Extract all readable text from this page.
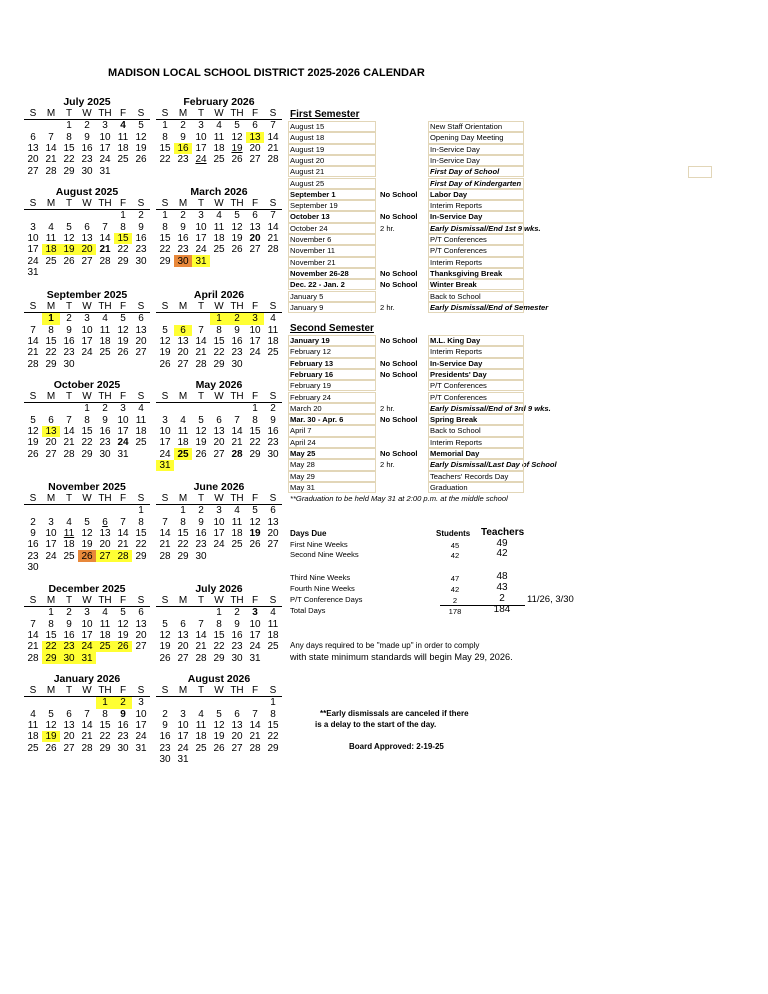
MADISON LOCAL SCHOOL DISTRICT 2025-2026 CALENDAR
July 2025
S	M	T	W	TH	F	S
		1	2	3	4	5
6	7	8	9	10	11	12
13	14	15	16	17	18	19
20	21	22	23	24	25	26
27	28	29	30	31		
February 2026
S	M	T	W	TH	F	S
1	2	3	4	5	6	7
8	9	10	11	12	13	14
15	16	17	18	19	20	21
22	23	24	25	26	27	28
August 2025
S	M	T	W	TH	F	S
					1	2
3	4	5	6	7	8	9
10	11	12	13	14	15	16
17	18	19	20	21	22	23
24	25	26	27	28	29	30
31						
March 2026
S	M	T	W	TH	F	S
1	2	3	4	5	6	7
8	9	10	11	12	13	14
15	16	17	18	19	20	21
22	23	24	25	26	27	28
29	30	31				
September 2025
S	M	T	W	TH	F	S
	1	2	3	4	5	6
7	8	9	10	11	12	13
14	15	16	17	18	19	20
21	22	23	24	25	26	27
28	29	30				
April 2026
S	M	T	W	TH	F	S
			1	2	3	4
5	6	7	8	9	10	11
12	13	14	15	16	17	18
19	20	21	22	23	24	25
26	27	28	29	30		
October 2025
S	M	T	W	TH	F	S
			1	2	3	4
5	6	7	8	9	10	11
12	13	14	15	16	17	18
19	20	21	22	23	24	25
26	27	28	29	30	31	
May 2026
S	M	T	W	TH	F	S
					1	2
3	4	5	6	7	8	9
10	11	12	13	14	15	16
17	18	19	20	21	22	23
24	25	26	27	28	29	30
31						
November 2025
S	M	T	W	TH	F	S
						1
2	3	4	5	6	7	8
9	10	11	12	13	14	15
16	17	18	19	20	21	22
23	24	25	26	27	28	29
30						
June 2026
S	M	T	W	TH	F	S
	1	2	3	4	5	6
7	8	9	10	11	12	13
14	15	16	17	18	19	20
21	22	23	24	25	26	27
28	29	30				
December 2025
S	M	T	W	TH	F	S
	1	2	3	4	5	6
7	8	9	10	11	12	13
14	15	16	17	18	19	20
21	22	23	24	25	26	27
28	29	30	31			
July 2026
S	M	T	W	TH	F	S
			1	2	3	4
5	6	7	8	9	10	11
12	13	14	15	16	17	18
19	20	21	22	23	24	25
26	27	28	29	30	31	
January 2026
S	M	T	W	TH	F	S
				1	2	3
4	5	6	7	8	9	10
11	12	13	14	15	16	17
18	19	20	21	22	23	24
25	26	27	28	29	30	31
August 2026
S	M	T	W	TH	F	S
						1
2	3	4	5	6	7	8
9	10	11	12	13	14	15
16	17	18	19	20	21	22
23	24	25	26	27	28	29
30	31					
First Semester
August 15	New Staff Orientation
August 18	Opening Day Meeting
August 19	In-Service Day
August 20	In-Service Day
August 21	First Day of School
August 25	First Day of Kindergarten
September 1	No School Labor Day
September 19	Interim Reports
October 13	No School In-Service Day
October 24	2 hr.	Early Dismissal/End 1st 9 wks.
November 6	P/T Conferences
November 11	P/T Conferences
November 21	Interim Reports
November 26-28	No School Thanksgiving Break
Dec. 22 - Jan. 2	No School Winter Break
January 5	Back to School
January 9	2 hr.	Early Dismissal/End of Semester
Second Semester
January 19	No School M.L. King Day
February 12	Interim Reports
February 13	No School In-Service Day
February 16	No School Presidents' Day
February 19	P/T Conferences
February 24	P/T Conferences
March 20	2 hr.	Early Dismissal/End of 3rd 9 wks.
Mar. 30 - Apr. 6	No School Spring Break
April 7	Back to School
April 24	Interim Reports
May 25	No School Memorial Day
May 28	2 hr.	Early Dismissal/Last Day of School
May 29	Teachers' Records Day
May 31	Graduation
**Graduation to be held May 31 at 2:00 p.m. at the middle school
Days Due	Students Teachers
First Nine Weeks	45	49
Second Nine Weeks	42	42
Third Nine Weeks	47	48
Fourth Nine Weeks	42	43
P/T Conference Days	2	2	11/26, 3/30
Total Days	178	184
Any days required to be "made up" in order to comply
with state minimum standards will begin May 29, 2026.
**Early dismissals are canceled if there
is a delay to the start of the day.
Board Approved: 2-19-25
